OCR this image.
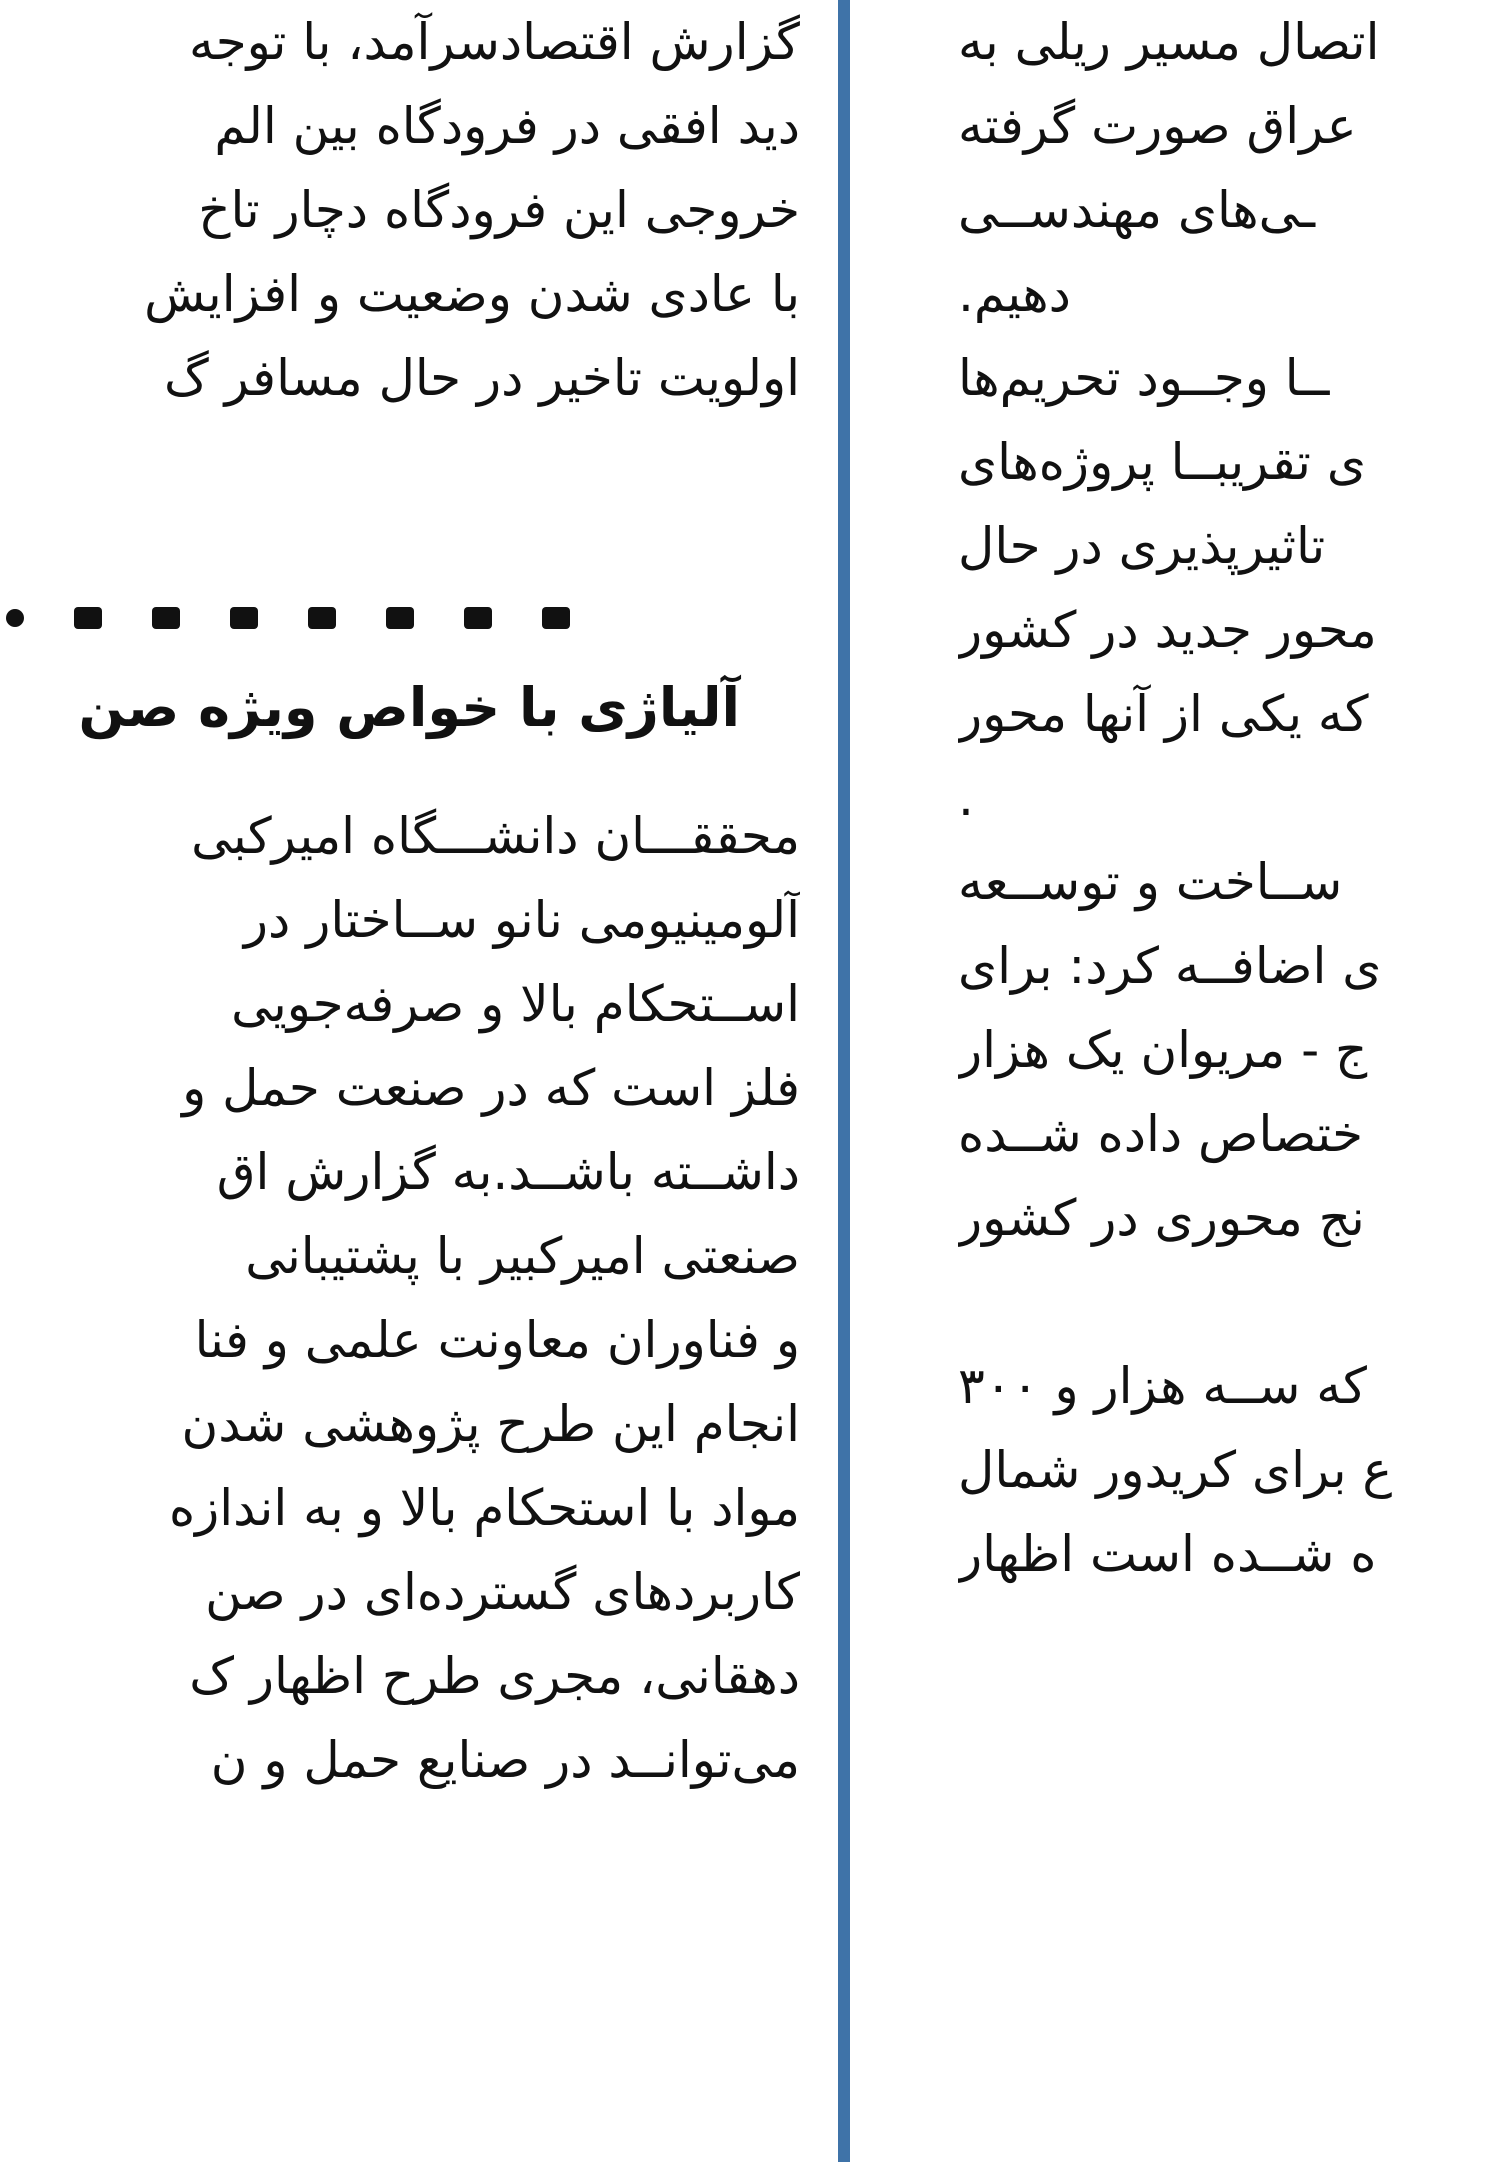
گزارش اقتصادسرآمد، با توجه
دید افقی در فرودگاه بین الم
خروجی این فرودگاه دچار تاخ
با عادی شدن وضعیت و افزایش
اولویت تاخیر در حال مسافر گ
آلیاژی با خواص ویژه صن
محققـــان دانشـــگاه امیرکبی
آلومینیومی نانو ســاختار در
اســتحکام بالا و صرفه‌جویی
فلز است که در صنعت حمل و
داشــته باشــد.به گزارش اق
صنعتی امیرکبیر با پشتیبانی
و فناوران معاونت علمی و فنا
انجام این طرح پژوهشی شدن
مواد با استحکام بالا و به اندازه
کاربردهای گسترده‌ای در صن
دهقانی، مجری طرح اظهار ک
می‌توانــد در صنایع حمل و ن
اتصال مسیر ریلی به
عراق صورت گرفته
ـی‌های مهندســی
دهیم.
ــا وجــود تحریم‌ها
ی تقریبــا پروژه‌های
تاثیرپذیری در حال
محور جدید در کشور
که یکی از آنها محور
.
ســاخت و توســعه
ی اضافــه کرد: برای
ج - مریوان یک هزار
ختصاص داده شــده
نج محوری در کشور
که ســه هزار و ۳۰۰
ع برای کریدور شمال
ه شــده است اظهار
